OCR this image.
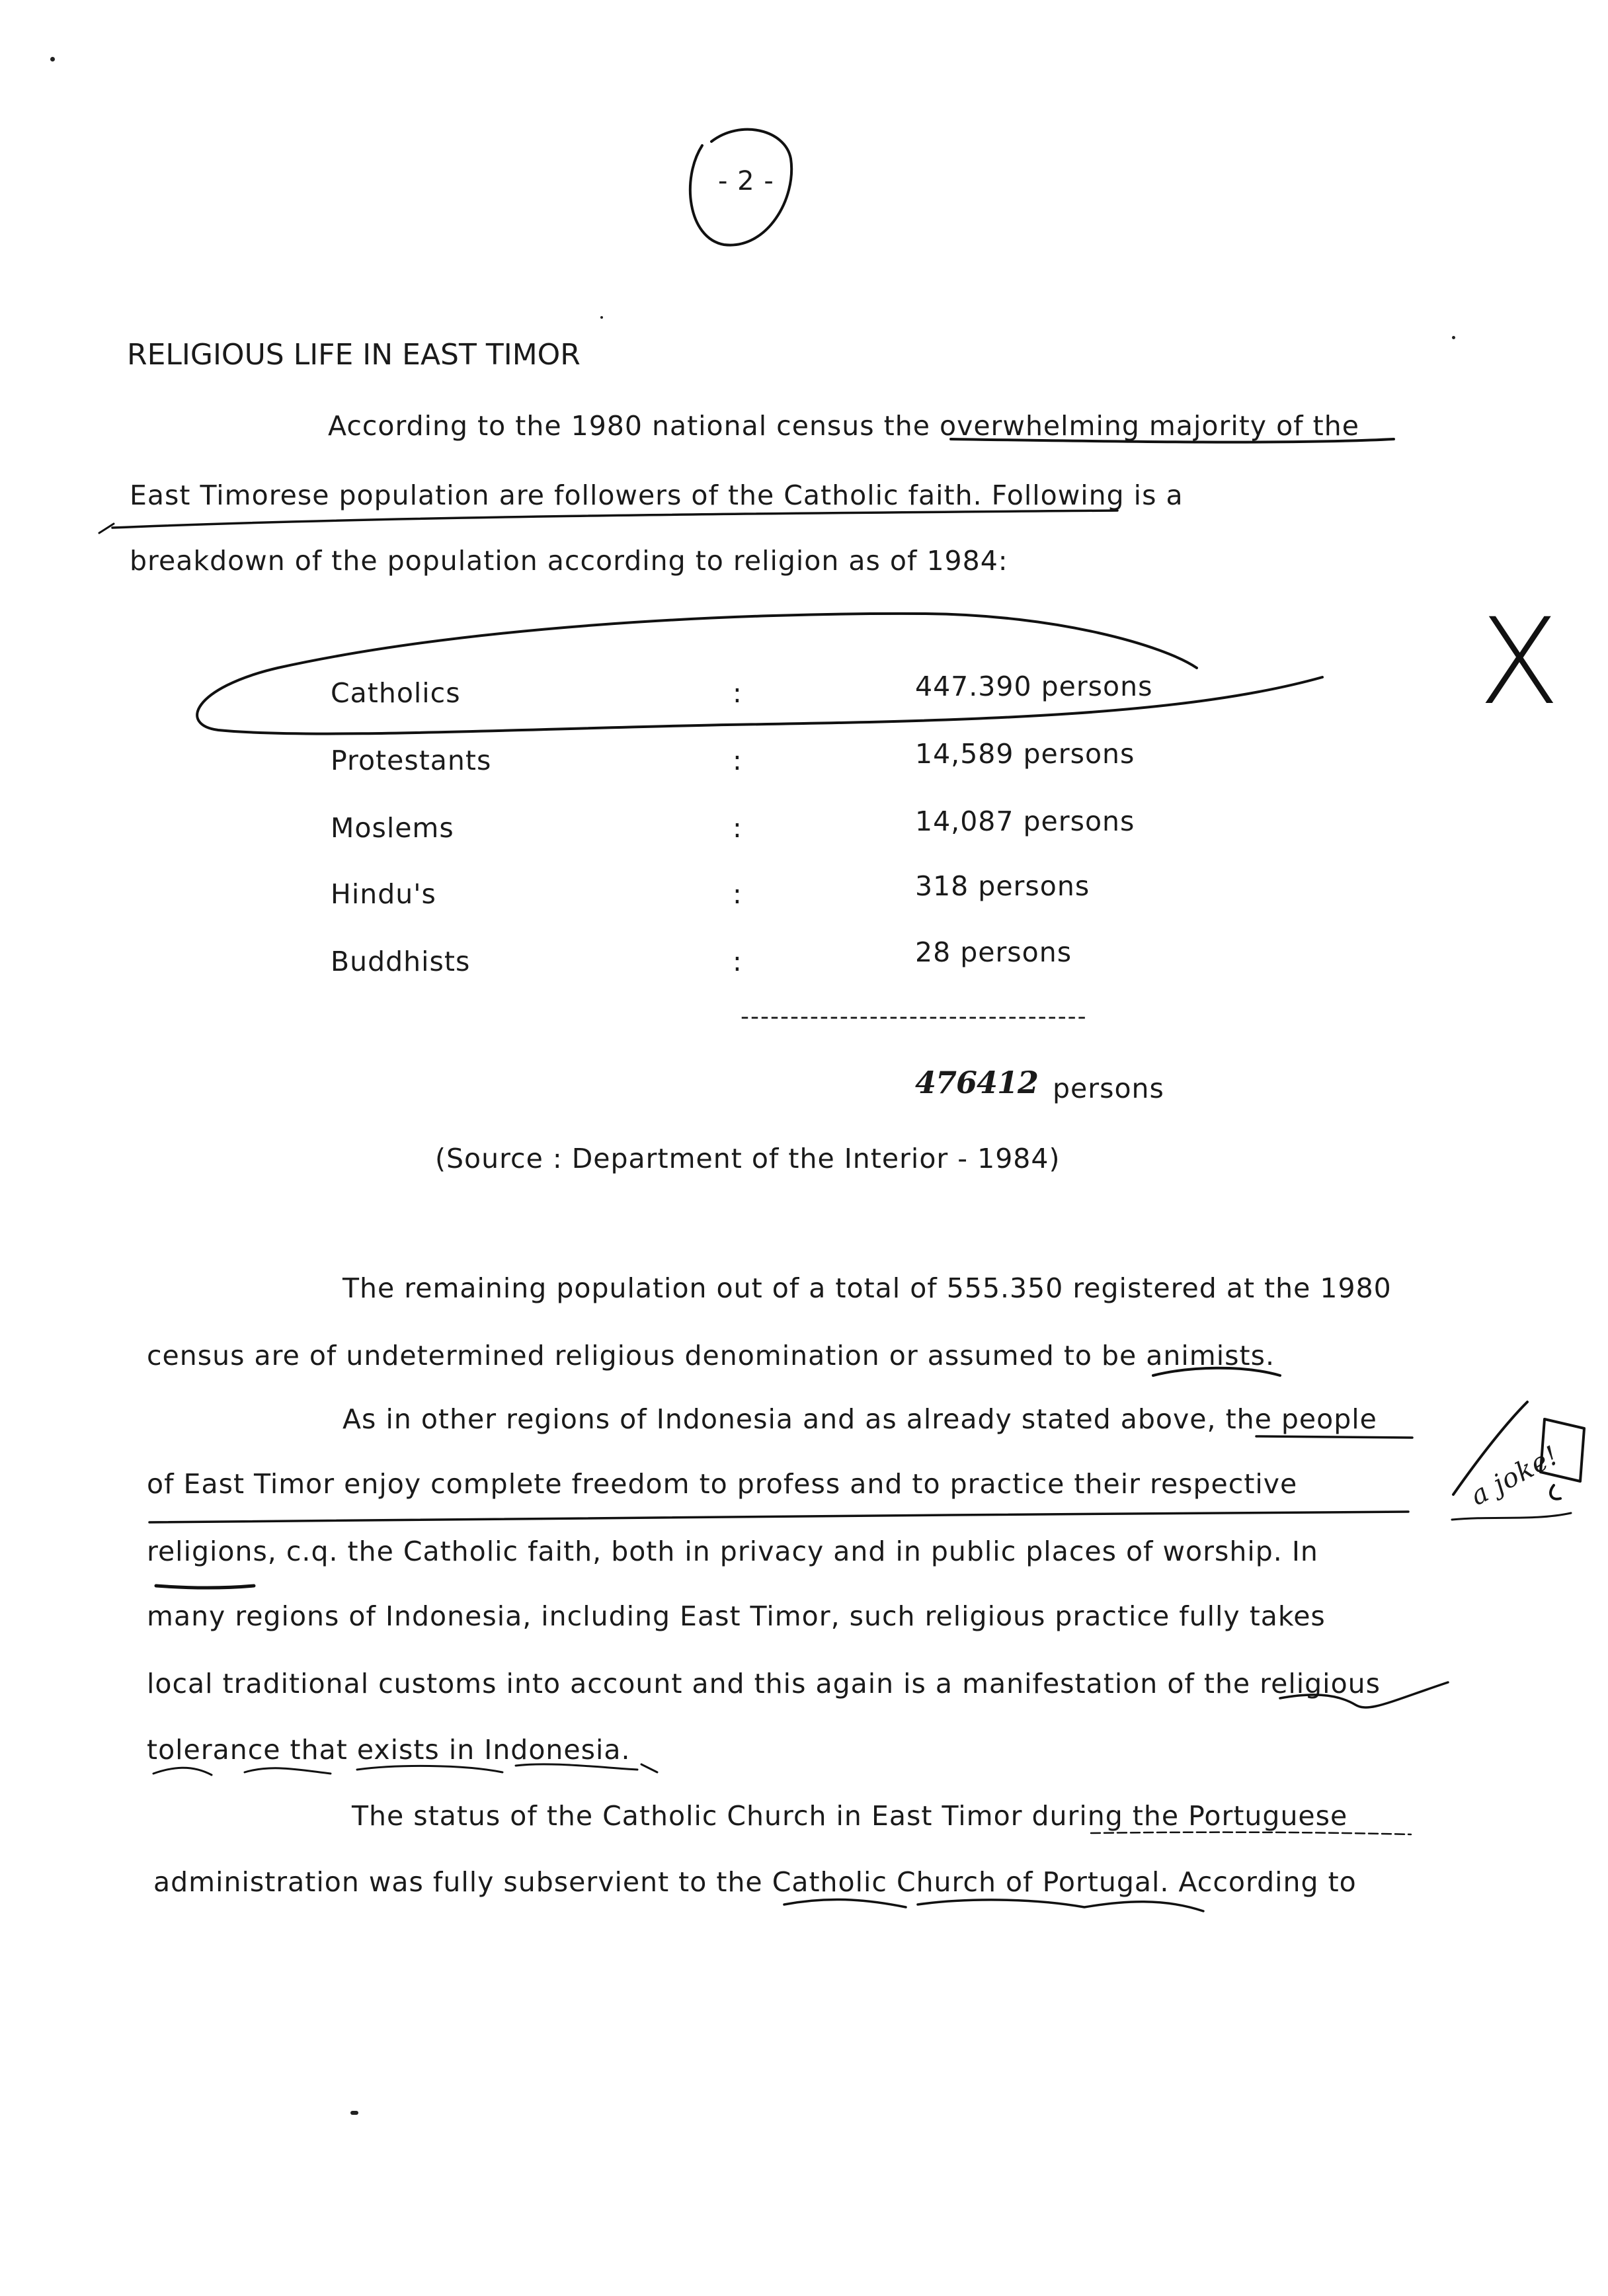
- 2 -
RELIGIOUS LIFE IN EAST TIMOR
According to the 1980 national census the overwhelming majority of the
East Timorese population are followers of the Catholic faith. Following is a
breakdown of the population according to religion as of 1984:
Catholics	:	447.390 persons
Protestants	:	14,589 persons
Moslems	:	14,087 persons
Hindu's	:	318 persons
Buddhists	:	28 persons
-----------------------------------
476412 persons
(Source : Department of the Interior - 1984)
The remaining population out of a total of 555.350 registered at the 1980
census are of undetermined religious denomination or assumed to be animists.
As in other regions of Indonesia and as already stated above, the people
of East Timor enjoy complete freedom to profess and to practice their respective
religions, c.q. the Catholic faith, both in privacy and in public places of worship. In
many regions of Indonesia, including East Timor, such religious practice fully takes
local traditional customs into account and this again is a manifestation of the religious
tolerance that exists in Indonesia.
The status of the Catholic Church in East Timor during the Portuguese
administration was fully subservient to the Catholic Church of Portugal. According to
a joke!
X
